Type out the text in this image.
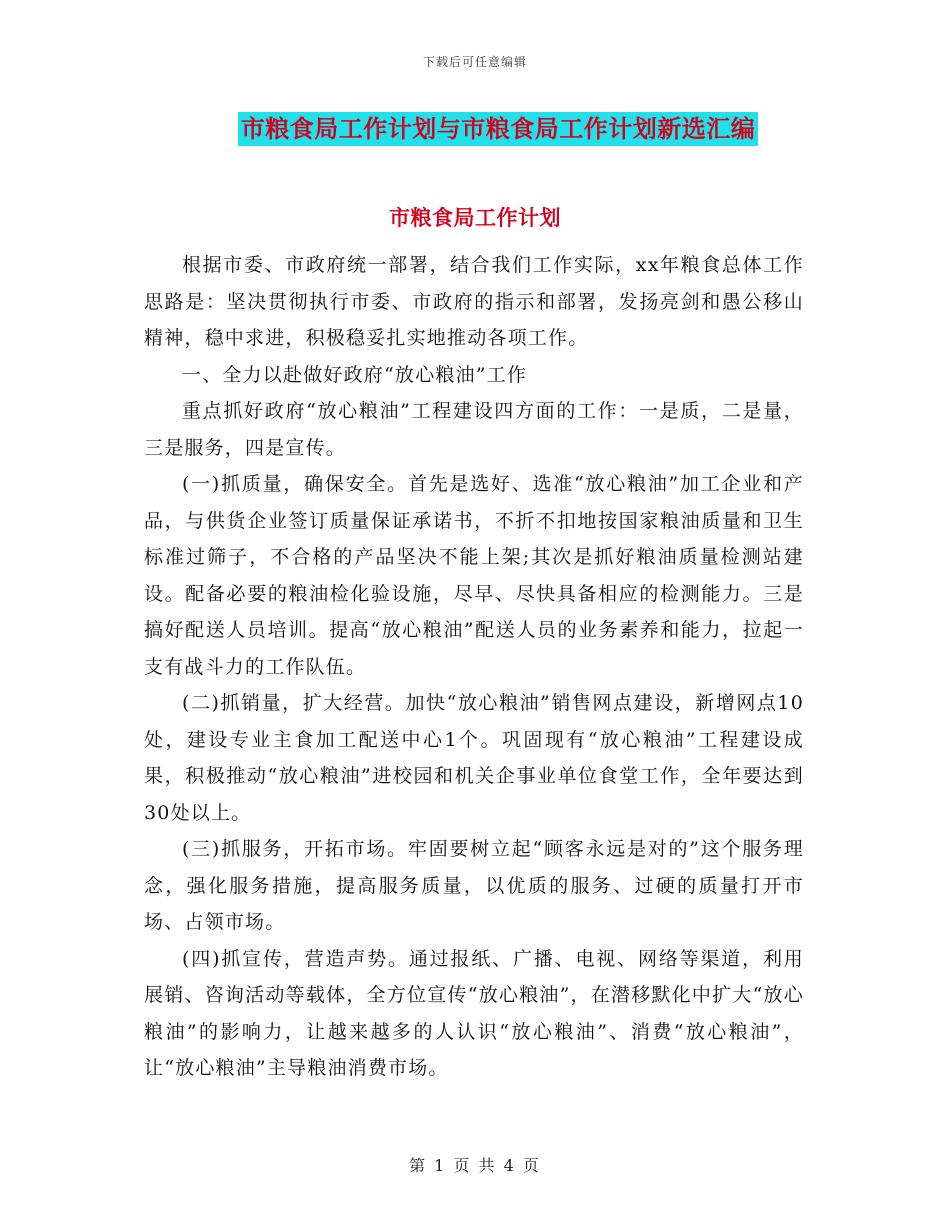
下载后可任意编辑
市粮食局工作计划与市粮食局工作计划新选汇编
市粮食局工作计划

根据市委、市政府统一部署，结合我们工作实际，xx年粮食总体工作思路是：坚决贯彻执行市委、市政府的指示和部署，发扬亮剑和愚公移山精神，稳中求进，积极稳妥扎实地推动各项工作。

一、全力以赴做好政府“放心粮油”工作

重点抓好政府“放心粮油”工程建设四方面的工作：一是质，二是量，三是服务，四是宣传。

(一)抓质量，确保安全。首先是选好、选准“放心粮油”加工企业和产品，与供货企业签订质量保证承诺书，不折不扣地按国家粮油质量和卫生标准过筛子，不合格的产品坚决不能上架;其次是抓好粮油质量检测站建设。配备必要的粮油检化验设施，尽早、尽快具备相应的检测能力。三是搞好配送人员培训。提高“放心粮油”配送人员的业务素养和能力，拉起一支有战斗力的工作队伍。

(二)抓销量，扩大经营。加快“放心粮油”销售网点建设，新增网点10处，建设专业主食加工配送中心1个。巩固现有“放心粮油”工程建设成果，积极推动“放心粮油”进校园和机关企事业单位食堂工作，全年要达到30处以上。

(三)抓服务，开拓市场。牢固要树立起“顾客永远是对的”这个服务理念，强化服务措施，提高服务质量，以优质的服务、过硬的质量打开市场、占领市场。

(四)抓宣传，营造声势。通过报纸、广播、电视、网络等渠道，利用展销、咨询活动等载体，全方位宣传“放心粮油”，在潜移默化中扩大“放心粮油”的影响力，让越来越多的人认识“放心粮油”、消费“放心粮油”，让“放心粮油”主导粮油消费市场。

第 1 页 共 4 页
